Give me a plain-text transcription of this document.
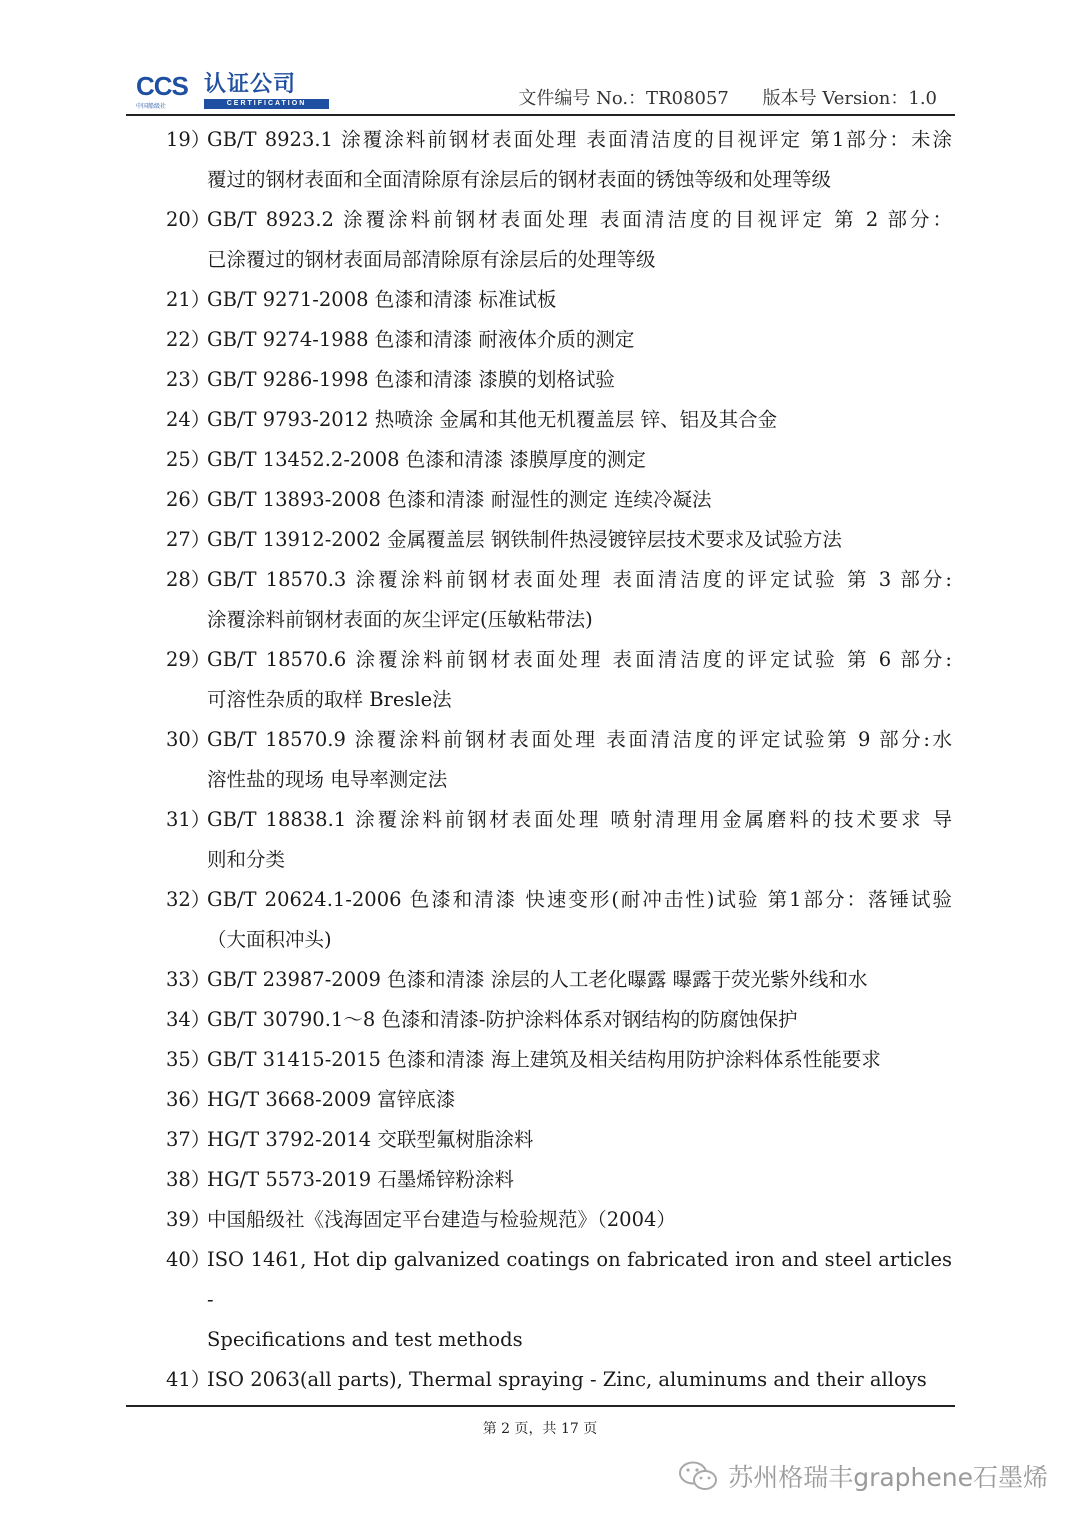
CCS 认证公司
中国船级社	CERTIFICATION	文件编号 No.：TR08057 版本号 Version：1.0
19）
GB/T 8923.1 涂覆涂料前钢材表面处理 表面清洁度的目视评定 第1部分：未涂
覆过的钢材表面和全面清除原有涂层后的钢材表面的锈蚀等级和处理等级
20）
GB/T 8923.2 涂覆涂料前钢材表面处理 表面清洁度的目视评定 第 2 部分：
已涂覆过的钢材表面局部清除原有涂层后的处理等级
21）
GB/T 9271-2008 色漆和清漆 标准试板
22）
GB/T 9274-1988 色漆和清漆 耐液体介质的测定
23）
GB/T 9286-1998 色漆和清漆 漆膜的划格试验
24）
GB/T 9793-2012 热喷涂 金属和其他无机覆盖层 锌、铝及其合金
25）
GB/T 13452.2-2008 色漆和清漆 漆膜厚度的测定
26）
GB/T 13893-2008 色漆和清漆 耐湿性的测定 连续冷凝法
27）
GB/T 13912-2002 金属覆盖层 钢铁制件热浸镀锌层技术要求及试验方法
28）
GB/T 18570.3 涂覆涂料前钢材表面处理 表面清洁度的评定试验 第 3 部分:
涂覆涂料前钢材表面的灰尘评定(压敏粘带法)
29）
GB/T 18570.6 涂覆涂料前钢材表面处理 表面清洁度的评定试验 第 6 部分:
可溶性杂质的取样 Bresle法
30）
GB/T 18570.9 涂覆涂料前钢材表面处理 表面清洁度的评定试验第 9 部分:水
溶性盐的现场 电导率测定法
31）
GB/T 18838.1 涂覆涂料前钢材表面处理 喷射清理用金属磨料的技术要求 导
则和分类
32）
GB/T 20624.1-2006 色漆和清漆 快速变形(耐冲击性)试验 第1部分：落锤试验
（大面积冲头)
33）
GB/T 23987-2009 色漆和清漆 涂层的人工老化曝露 曝露于荧光紫外线和水
34）
GB/T 30790.1～8 色漆和清漆-防护涂料体系对钢结构的防腐蚀保护
35）
GB/T 31415-2015 色漆和清漆 海上建筑及相关结构用防护涂料体系性能要求
36）
HG/T 3668-2009 富锌底漆
37）
HG/T 3792-2014 交联型氟树脂涂料
38）
HG/T 5573-2019 石墨烯锌粉涂料
39）
中国船级社《浅海固定平台建造与检验规范》（2004）
40）
ISO 1461, Hot dip galvanized coatings on fabricated iron and steel articles -
Specifications and test methods
41）
ISO 2063(all parts), Thermal spraying - Zinc, aluminums and their alloys
第 2 页，共 17 页
苏州格瑞丰graphene石墨烯
